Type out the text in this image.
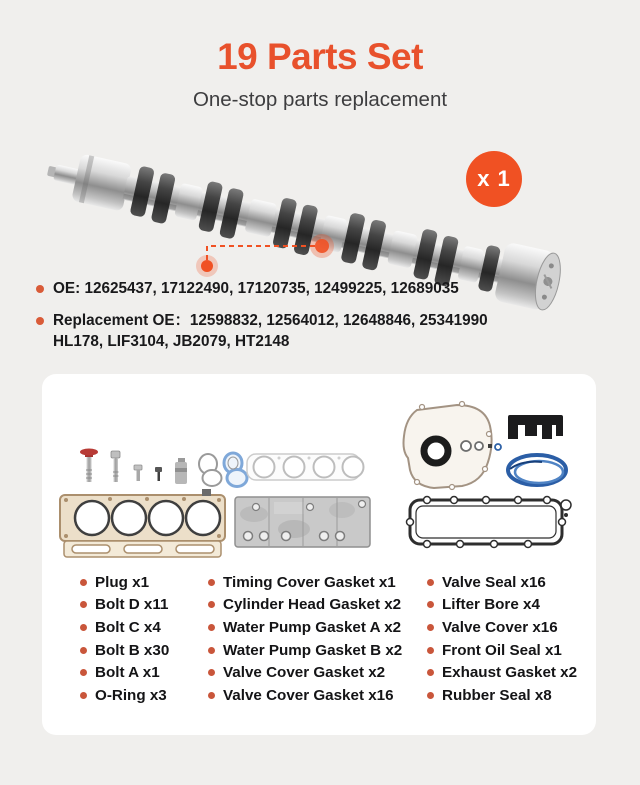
19 Parts Set
One-stop parts replacement
x 1
OE: 12625437, 17122490, 17120735, 12499225, 12689035
Replacement OE：12598832, 12564012, 12648846, 25341990
HL178, LIF3104, JB2079, HT2148
Plug x1
Bolt D x11
Bolt C x4
Bolt B x30
Bolt A x1
O-Ring x3
Timing Cover Gasket x1
Cylinder Head Gasket x2
Water Pump Gasket A x2
Water Pump Gasket B x2
Valve Cover Gasket x2
Valve Cover Gasket x16
Valve Seal x16
Lifter Bore x4
Valve Cover x16
Front Oil Seal x1
Exhaust Gasket x2
Rubber Seal x8
